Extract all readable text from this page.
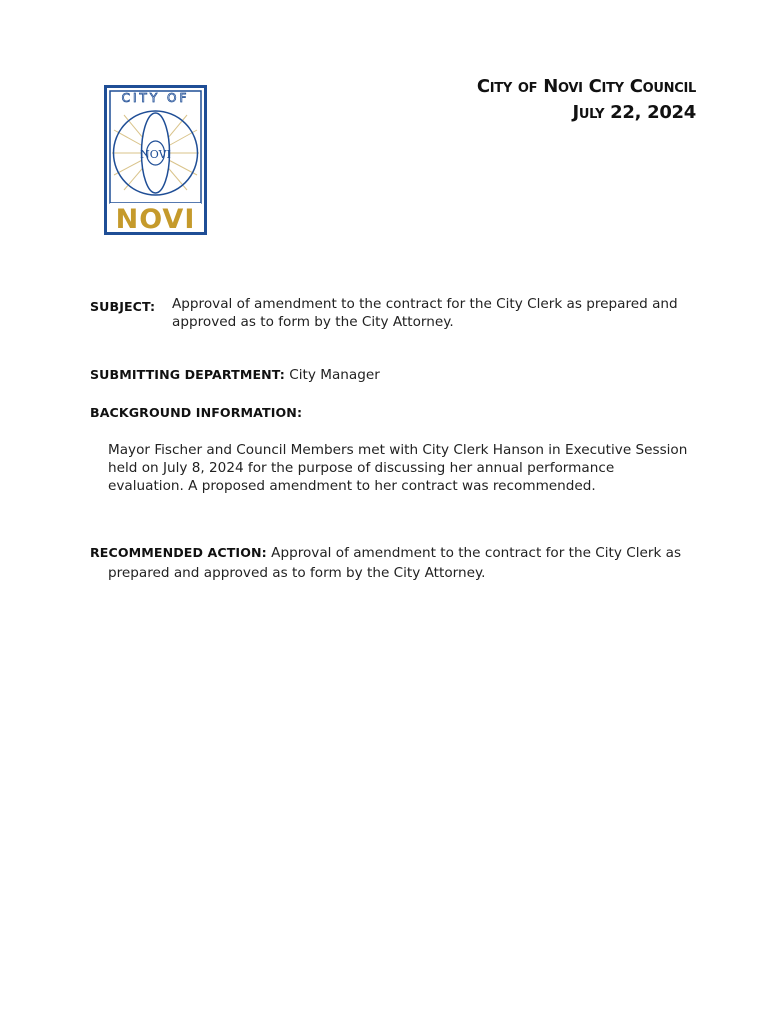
CITY OF
NOVI
NOVI
City of Novi City Council
July 22, 2024
SUBJECT: Approval of amendment to the contract for the City Clerk as prepared and approved as to form by the City Attorney.
SUBMITTING DEPARTMENT: City Manager
BACKGROUND INFORMATION:
Mayor Fischer and Council Members met with City Clerk Hanson in Executive Session held on July 8, 2024 for the purpose of discussing her annual performance evaluation. A proposed amendment to her contract was recommended.
RECOMMENDED ACTION: Approval of amendment to the contract for the City Clerk as
prepared and approved as to form by the City Attorney.
